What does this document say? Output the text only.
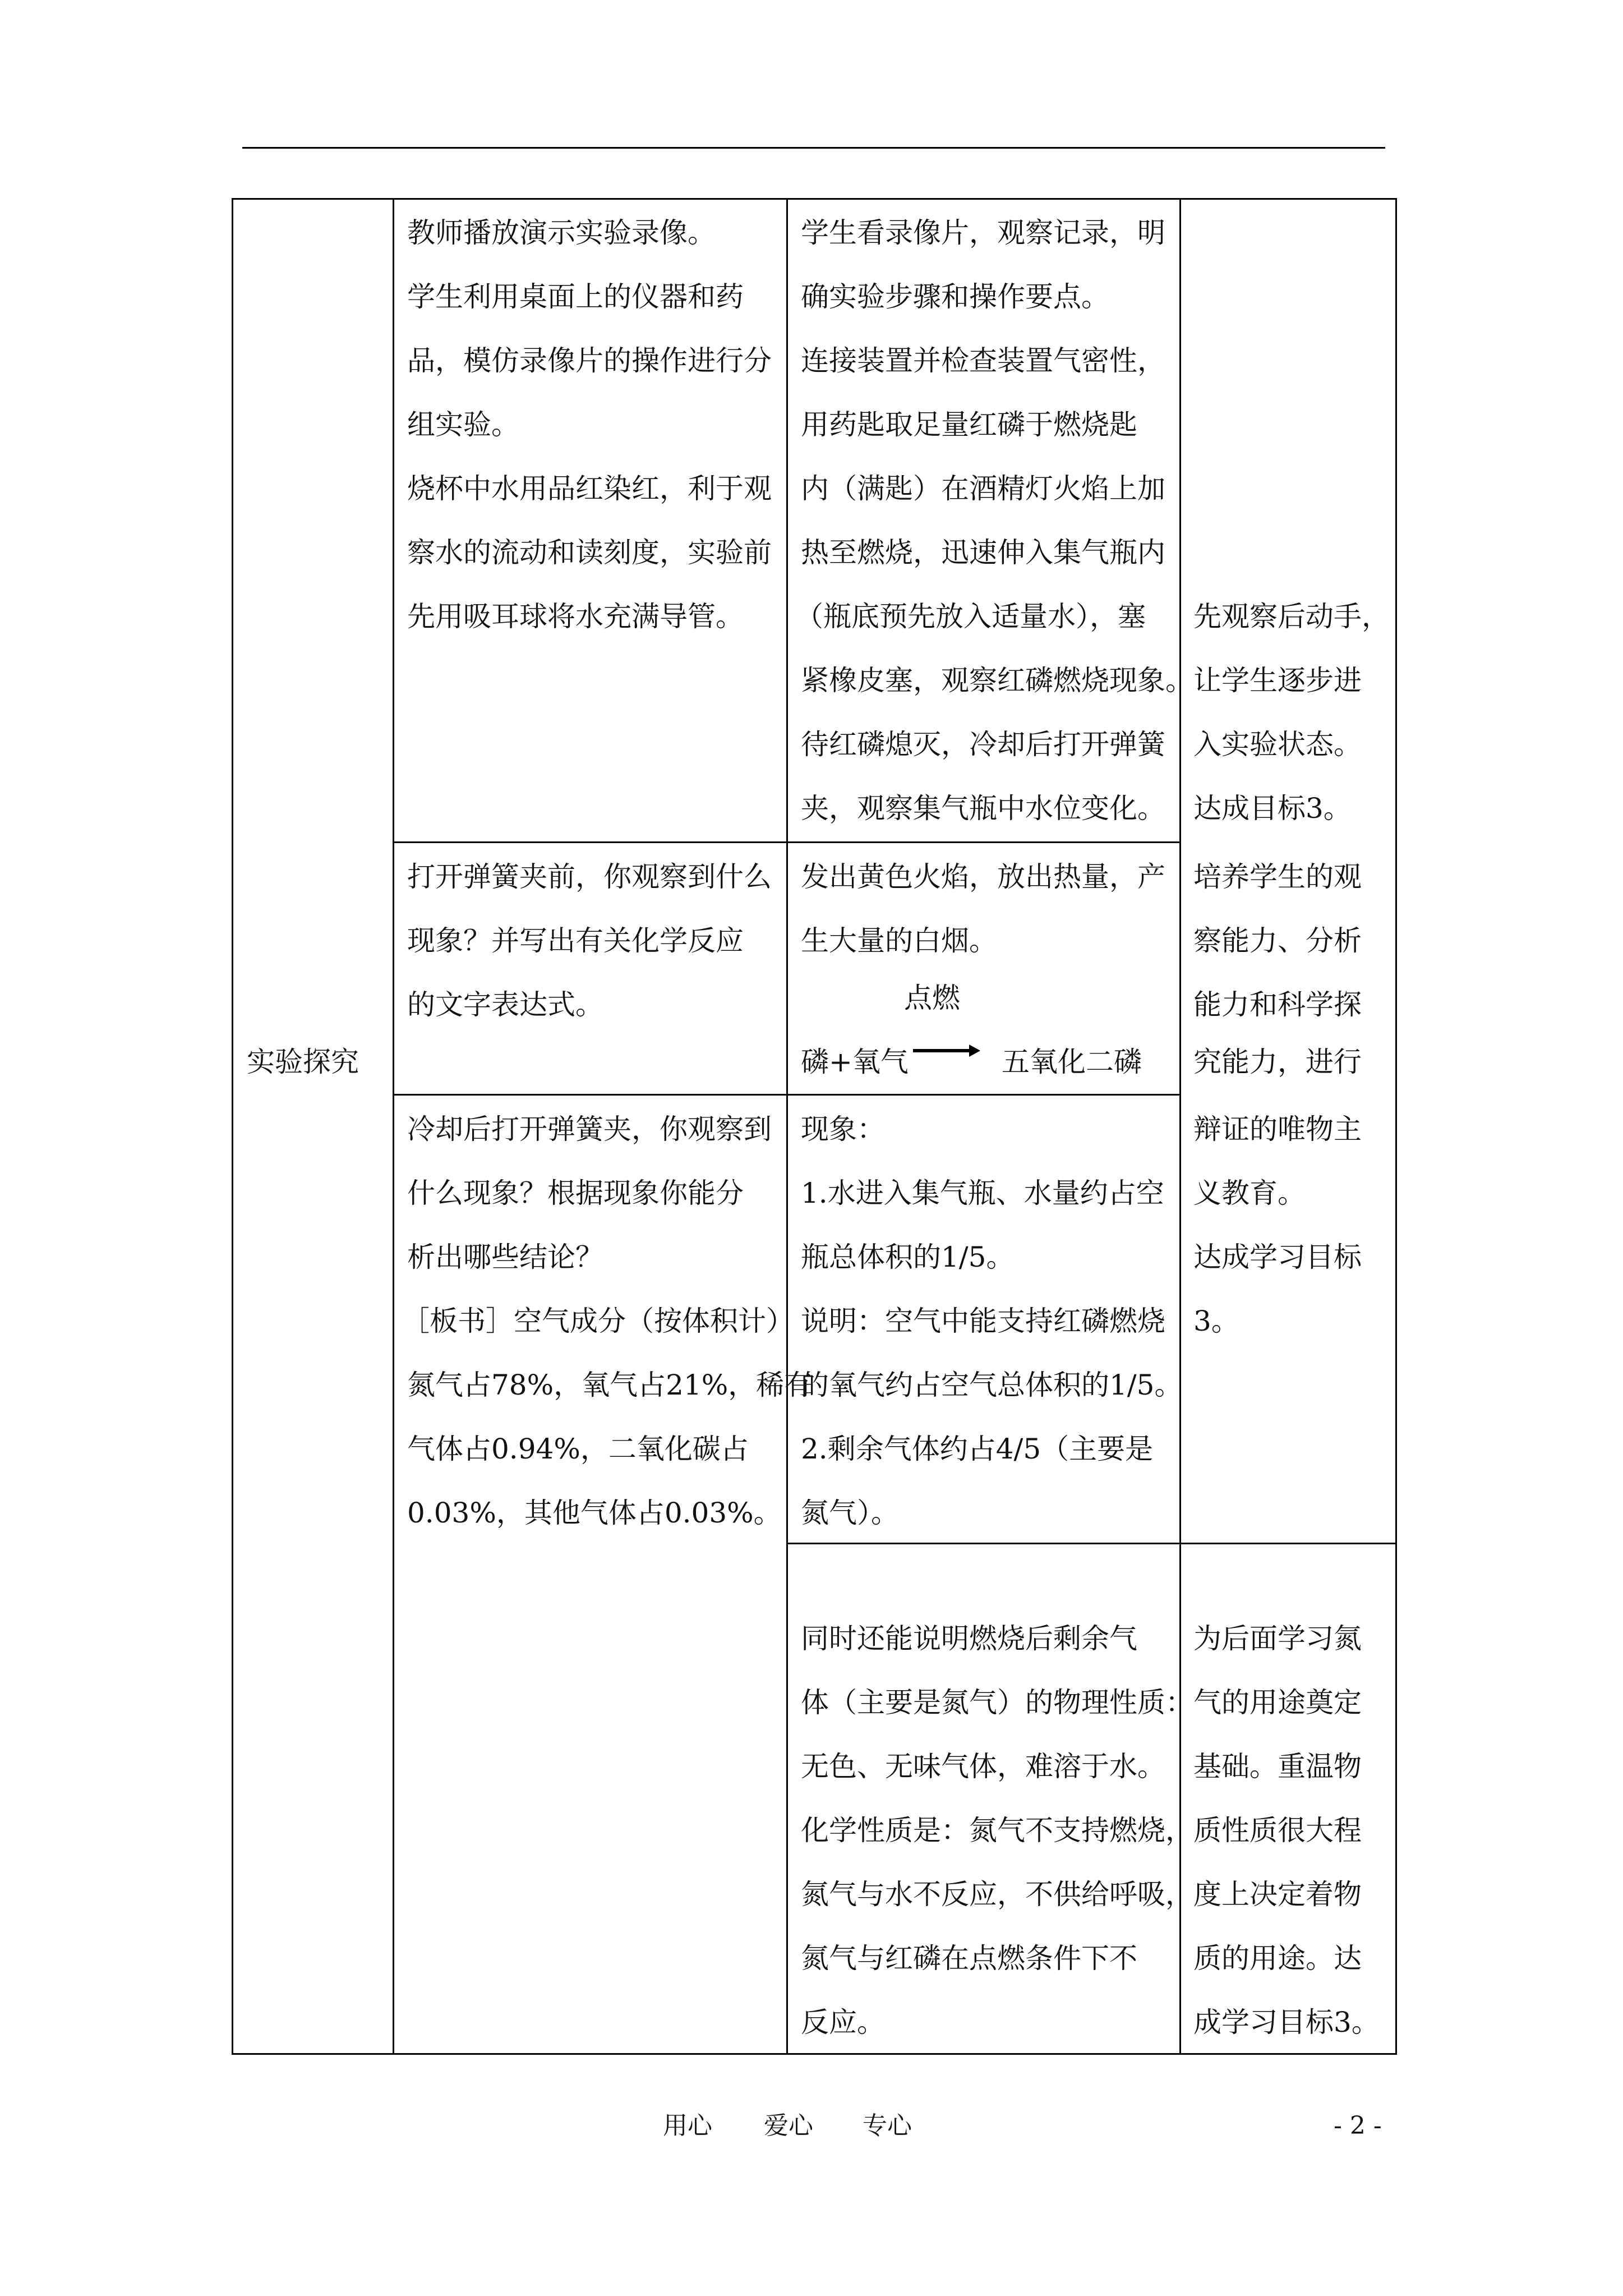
实验探究
教师播放演示实验录像。
学生利用桌面上的仪器和药
品，模仿录像片的操作进行分
组实验。
烧杯中水用品红染红，利于观
察水的流动和读刻度，实验前
先用吸耳球将水充满导管。
学生看录像片，观察记录，明
确实验步骤和操作要点。
连接装置并检查装置气密性，
用药匙取足量红磷于燃烧匙
内（满匙）在酒精灯火焰上加
热至燃烧，迅速伸入集气瓶内
（瓶底预先放入适量水），塞
紧橡皮塞，观察红磷燃烧现象。
待红磷熄灭，冷却后打开弹簧
夹，观察集气瓶中水位变化。
打开弹簧夹前，你观察到什么
现象？并写出有关化学反应
的文字表达式。
发出黄色火焰，放出热量，产
生大量的白烟。
点燃
磷+氧气	五氧化二磷
冷却后打开弹簧夹，你观察到
什么现象？根据现象你能分
析出哪些结论？
［板书］空气成分（按体积计）
氮气占78%，氧气占21%，稀有
气体占0.94%，二氧化碳占
0.03%，其他气体占0.03%。
现象：
1.水进入集气瓶、水量约占空
瓶总体积的1/5。
说明：空气中能支持红磷燃烧
的氧气约占空气总体积的1/5。
2.剩余气体约占4/5（主要是
氮气）。
同时还能说明燃烧后剩余气
体（主要是氮气）的物理性质：
无色、无味气体，难溶于水。
化学性质是：氮气不支持燃烧，
氮气与水不反应，不供给呼吸，
氮气与红磷在点燃条件下不
反应。
先观察后动手，
让学生逐步进
入实验状态。
达成目标3。
培养学生的观
察能力、分析
能力和科学探
究能力，进行
辩证的唯物主
义教育。
达成学习目标
3。
为后面学习氮
气的用途奠定
基础。重温物
质性质很大程
度上决定着物
质的用途。达
成学习目标3。
用心 爱心 专心	- 2 -
